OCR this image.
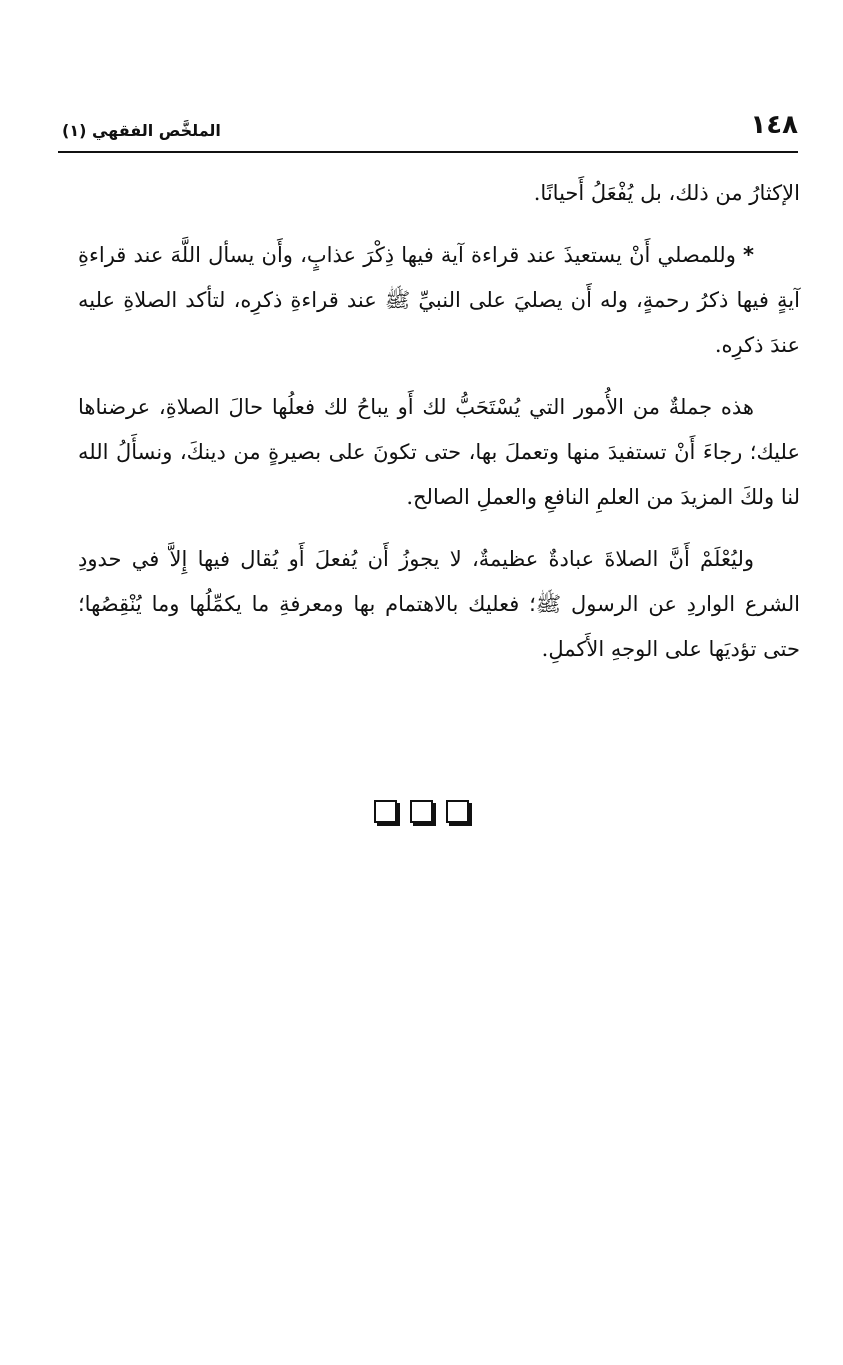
١٤٨
الملخَّص الفقهي (١)

الإكثارُ من ذلك، بل يُفْعَلُ أَحيانًا.

* وللمصلي أَنْ يستعيذَ عند قراءة آية فيها ذِكْرَ عذابٍ، وأَن يسأل اللَّهَ عند قراءةِ آيةٍ فيها ذكرُ رحمةٍ، وله أَن يصليَ على النبيِّ ﷺ عند قراءةِ ذكرِه، لتأكد الصلاةِ عليه عندَ ذكرِه.

هذه جملةٌ من الأُمور التي يُسْتَحَبُّ لك أَو يباحُ لك فعلُها حالَ الصلاةِ، عرضناها عليك؛ رجاءَ أَنْ تستفيدَ منها وتعملَ بها، حتى تكونَ على بصيرةٍ من دينكَ، ونسأَلُ الله لنا ولكَ المزيدَ من العلمِ النافعِ والعملِ الصالح.

وليُعْلَمْ أَنَّ الصلاةَ عبادةٌ عظيمةٌ، لا يجوزُ أَن يُفعلَ أَو يُقال فيها إِلاَّ في حدودِ الشرع الواردِ عن الرسول ﷺ؛ فعليك بالاهتمام بها ومعرفةِ ما يكمِّلُها وما يُنْقِصُها؛ حتى تؤديَها على الوجهِ الأَكملِ.
